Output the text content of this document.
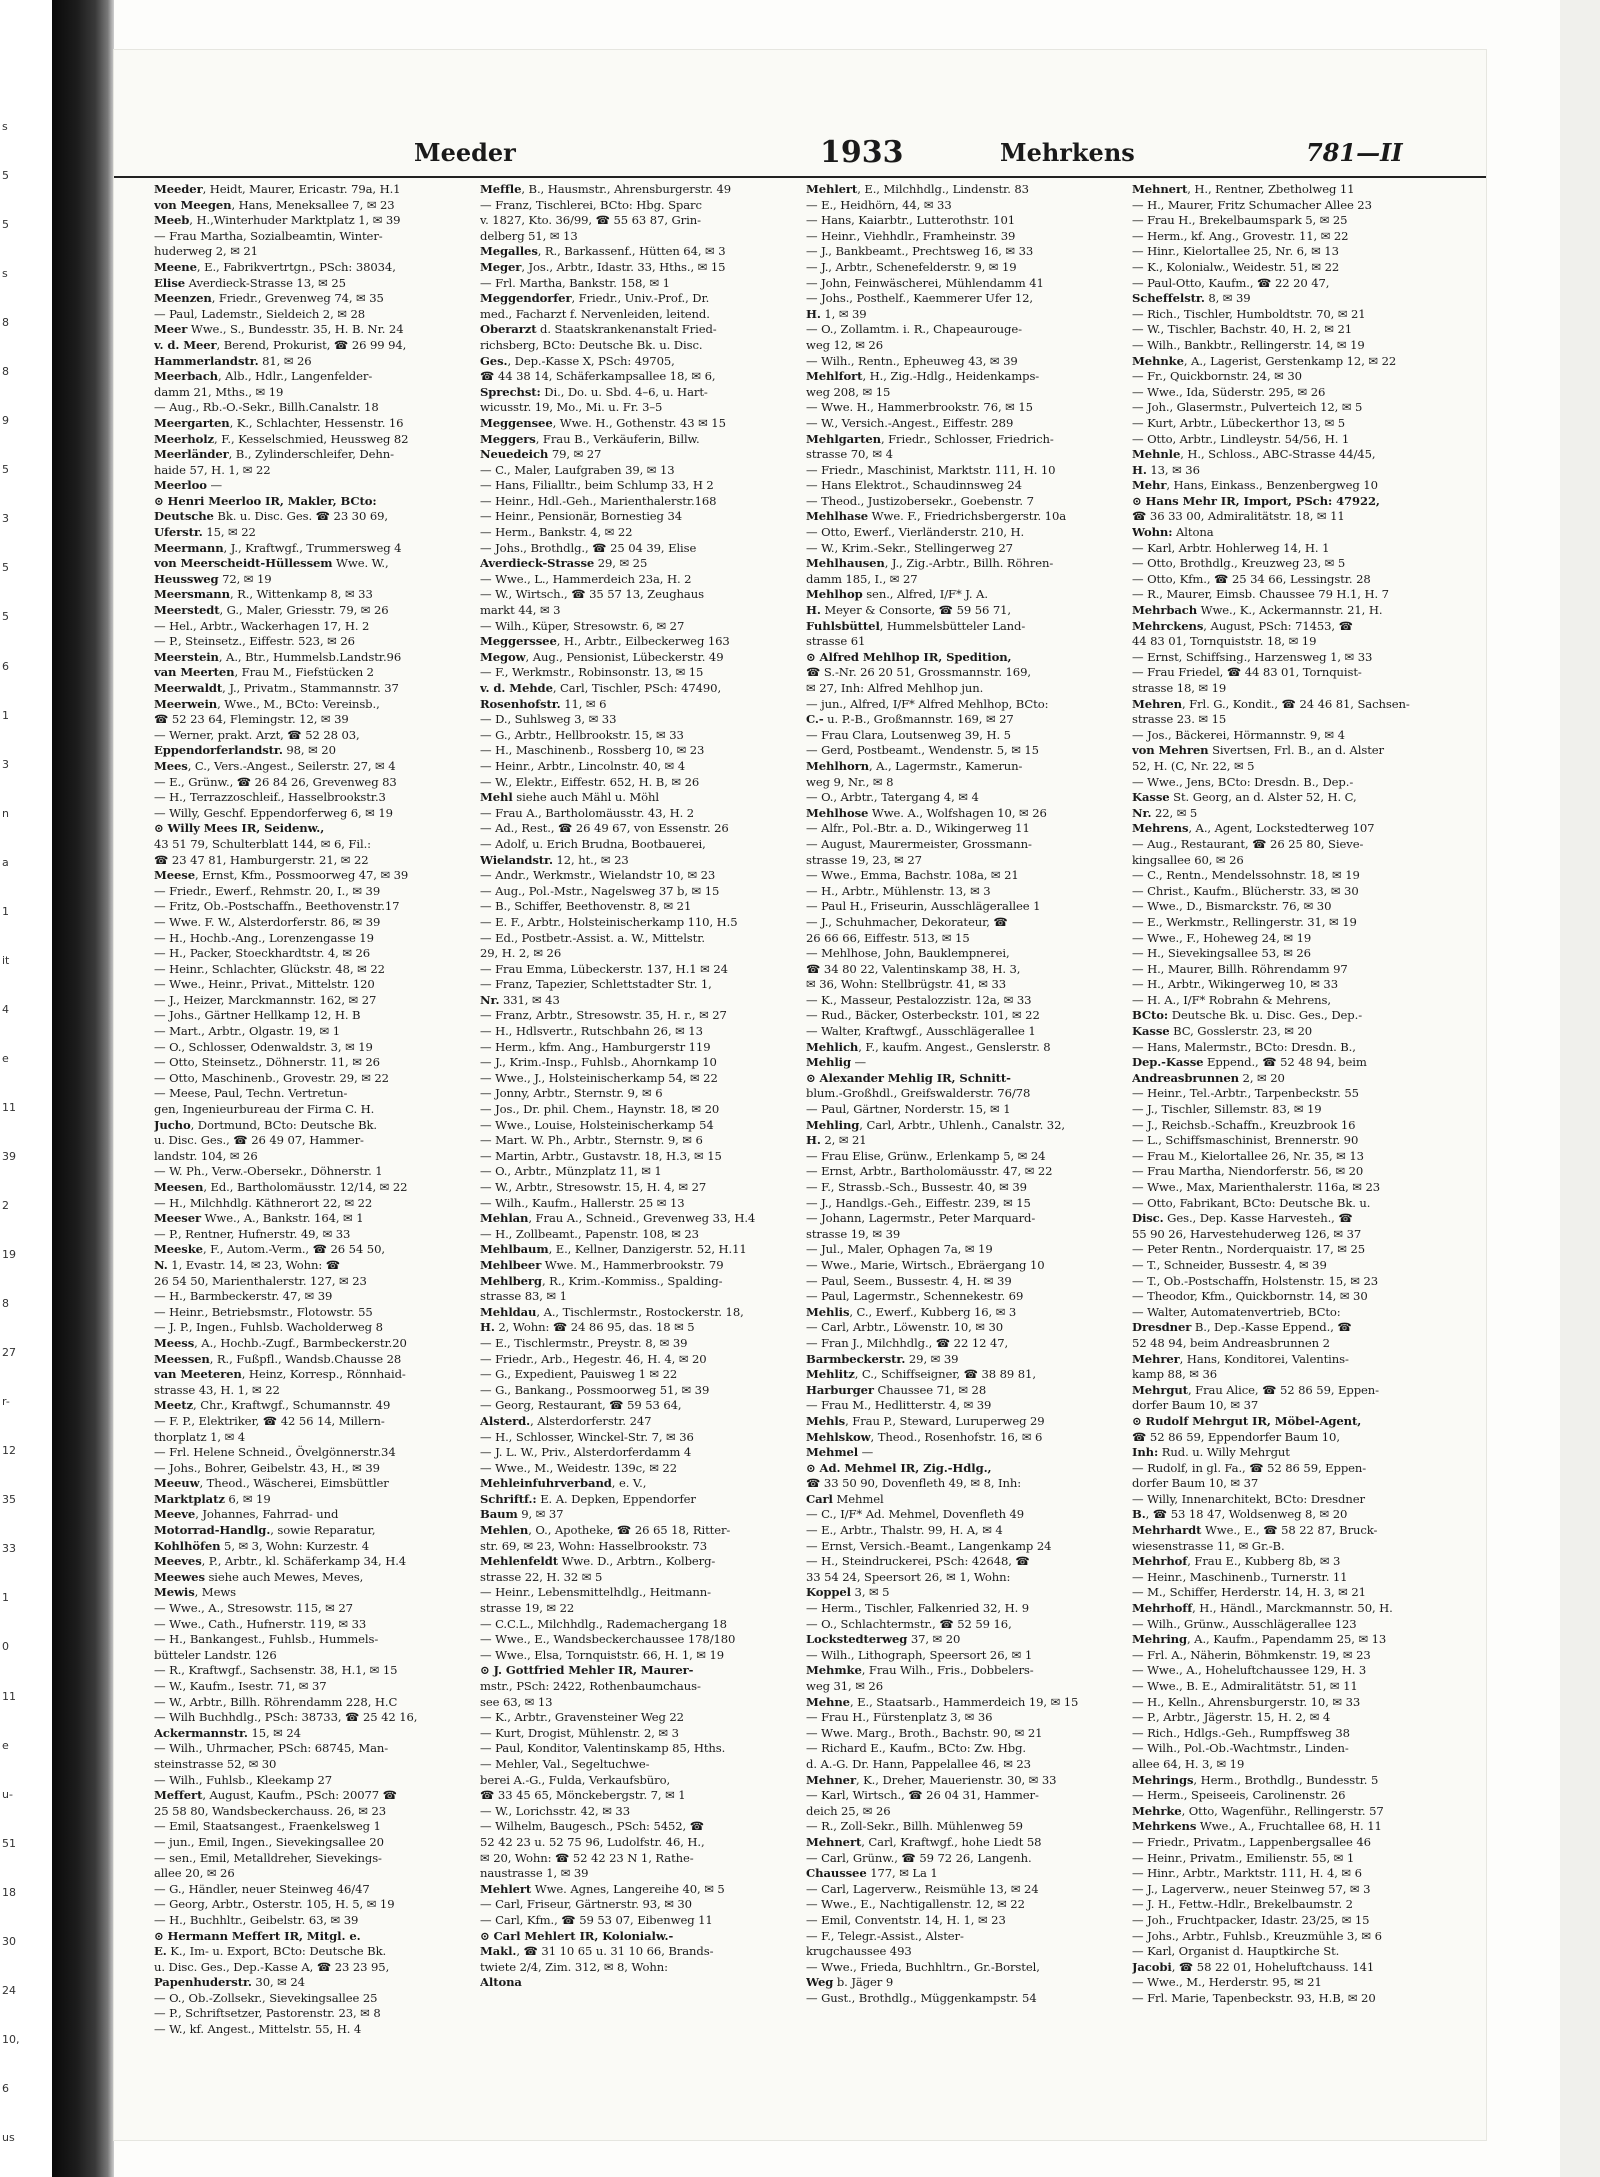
s
5
5
s
8
8
9
5
3
5
5
6
1
3
n
a
1
it
4
e
11
39
2
19
8
27
r-
12
35
33
1
0
11
e
u-
51
18
30
24
10,
6
us
Meeder	1933	Mehrkens	781—II
Meeder, Heidt, Maurer, Ericastr. 79a, H.1
von Meegen, Hans, Meneksallee 7, ✉ 23
Meeb, H.,Winterhuder Marktplatz 1, ✉ 39
— Frau Martha, Sozialbeamtin, Winter-
huderweg 2, ✉ 21
Meene, E., Fabrikvertrtgn., PSch: 38034,
Elise Averdieck-Strasse 13, ✉ 25
Meenzen, Friedr., Grevenweg 74, ✉ 35
— Paul, Lademstr., Sieldeich 2, ✉ 28
Meer Wwe., S., Bundesstr. 35, H. B. Nr. 24
v. d. Meer, Berend, Prokurist, ☎ 26 99 94,
Hammerlandstr. 81, ✉ 26
Meerbach, Alb., Hdlr., Langenfelder-
damm 21, Mths., ✉ 19
— Aug., Rb.-O.-Sekr., Billh.Canalstr. 18
Meergarten, K., Schlachter, Hessenstr. 16
Meerholz, F., Kesselschmied, Heussweg 82
Meerländer, B., Zylinderschleifer, Dehn-
haide 57, H. 1, ✉ 22
Meerloo —
⊙ Henri Meerloo IR, Makler, BCto:
Deutsche Bk. u. Disc. Ges. ☎ 23 30 69,
Uferstr. 15, ✉ 22
Meermann, J., Kraftwgf., Trummersweg 4
von Meerscheidt-Hüllessem Wwe. W.,
Heussweg 72, ✉ 19
Meersmann, R., Wittenkamp 8, ✉ 33
Meerstedt, G., Maler, Griesstr. 79, ✉ 26
— Hel., Arbtr., Wackerhagen 17, H. 2
— P., Steinsetz., Eiffestr. 523, ✉ 26
Meerstein, A., Btr., Hummelsb.Landstr.96
van Meerten, Frau M., Fiefstücken 2
Meerwaldt, J., Privatm., Stammannstr. 37
Meerwein, Wwe., M., BCto: Vereinsb.,
☎ 52 23 64, Flemingstr. 12, ✉ 39
— Werner, prakt. Arzt, ☎ 52 28 03,
Eppendorferlandstr. 98, ✉ 20
Mees, C., Vers.-Angest., Seilerstr. 27, ✉ 4
— E., Grünw., ☎ 26 84 26, Grevenweg 83
— H., Terrazzoschleif., Hasselbrookstr.3
— Willy, Geschf. Eppendorferweg 6, ✉ 19
⊙ Willy Mees IR, Seidenw.,
43 51 79, Schulterblatt 144, ✉ 6, Fil.:
☎ 23 47 81, Hamburgerstr. 21, ✉ 22
Meese, Ernst, Kfm., Possmoorweg 47, ✉ 39
— Friedr., Ewerf., Rehmstr. 20, I., ✉ 39
— Fritz, Ob.-Postschaffn., Beethovenstr.17
— Wwe. F. W., Alsterdorferstr. 86, ✉ 39
— H., Hochb.-Ang., Lorenzengasse 19
— H., Packer, Stoeckhardtstr. 4, ✉ 26
— Heinr., Schlachter, Glückstr. 48, ✉ 22
— Wwe., Heinr., Privat., Mittelstr. 120
— J., Heizer, Marckmannstr. 162, ✉ 27
— Johs., Gärtner Hellkamp 12, H. B
— Mart., Arbtr., Olgastr. 19, ✉ 1
— O., Schlosser, Odenwaldstr. 3, ✉ 19
— Otto, Steinsetz., Döhnerstr. 11, ✉ 26
— Otto, Maschinenb., Grovestr. 29, ✉ 22
— Meese, Paul, Techn. Vertretun-
gen, Ingenieurbureau der Firma C. H.
Jucho, Dortmund, BCto: Deutsche Bk.
u. Disc. Ges., ☎ 26 49 07, Hammer-
landstr. 104, ✉ 26
— W. Ph., Verw.-Obersekr., Döhnerstr. 1
Meesen, Ed., Bartholomäusstr. 12/14, ✉ 22
— H., Milchhdlg. Käthnerort 22, ✉ 22
Meeser Wwe., A., Bankstr. 164, ✉ 1
— P., Rentner, Hufnerstr. 49, ✉ 33
Meeske, F., Autom.-Verm., ☎ 26 54 50,
N. 1, Evastr. 14, ✉ 23, Wohn: ☎
26 54 50, Marienthalerstr. 127, ✉ 23
— H., Barmbeckerstr. 47, ✉ 39
— Heinr., Betriebsmstr., Flotowstr. 55
— J. P., Ingen., Fuhlsb. Wacholderweg 8
Meess, A., Hochb.-Zugf., Barmbeckerstr.20
Meessen, R., Fußpfl., Wandsb.Chausse 28
van Meeteren, Heinz, Korresp., Rönnhaid-
strasse 43, H. 1, ✉ 22
Meetz, Chr., Kraftwgf., Schumannstr. 49
— F. P., Elektriker, ☎ 42 56 14, Millern-
thorplatz 1, ✉ 4
— Frl. Helene Schneid., Övelgönnerstr.34
— Johs., Bohrer, Geibelstr. 43, H., ✉ 39
Meeuw, Theod., Wäscherei, Eimsbüttler
Marktplatz 6, ✉ 19
Meeve, Johannes, Fahrrad- und
Motorrad-Handlg., sowie Reparatur,
Kohlhöfen 5, ✉ 3, Wohn: Kurzestr. 4
Meeves, P., Arbtr., kl. Schäferkamp 34, H.4
Meewes siehe auch Mewes, Meves,
Mewis, Mews
— Wwe., A., Stresowstr. 115, ✉ 27
— Wwe., Cath., Hufnerstr. 119, ✉ 33
— H., Bankangest., Fuhlsb., Hummels-
bütteler Landstr. 126
— R., Kraftwgf., Sachsenstr. 38, H.1, ✉ 15
— W., Kaufm., Isestr. 71, ✉ 37
— W., Arbtr., Billh. Röhrendamm 228, H.C
— Wilh Buchhdlg., PSch: 38733, ☎ 25 42 16,
Ackermannstr. 15, ✉ 24
— Wilh., Uhrmacher, PSch: 68745, Man-
steinstrasse 52, ✉ 30
— Wilh., Fuhlsb., Kleekamp 27
Meffert, August, Kaufm., PSch: 20077 ☎
25 58 80, Wandsbeckerchauss. 26, ✉ 23
— Emil, Staatsangest., Fraenkelsweg 1
— jun., Emil, Ingen., Sievekingsallee 20
— sen., Emil, Metalldreher, Sievekings-
allee 20, ✉ 26
— G., Händler, neuer Steinweg 46/47
— Georg, Arbtr., Osterstr. 105, H. 5, ✉ 19
— H., Buchhltr., Geibelstr. 63, ✉ 39
⊙ Hermann Meffert IR, Mitgl. e.
E. K., Im- u. Export, BCto: Deutsche Bk.
u. Disc. Ges., Dep.-Kasse A, ☎ 23 23 95,
Papenhuderstr. 30, ✉ 24
— O., Ob.-Zollsekr., Sievekingsallee 25
— P., Schriftsetzer, Pastorenstr. 23, ✉ 8
— W., kf. Angest., Mittelstr. 55, H. 4
Meffle, B., Hausmstr., Ahrensburgerstr. 49
— Franz, Tischlerei, BCto: Hbg. Sparc
v. 1827, Kto. 36/99, ☎ 55 63 87, Grin-
delberg 51, ✉ 13
Megalles, R., Barkassenf., Hütten 64, ✉ 3
Meger, Jos., Arbtr., Idastr. 33, Hths., ✉ 15
— Frl. Martha, Bankstr. 158, ✉ 1
Meggendorfer, Friedr., Univ.-Prof., Dr.
med., Facharzt f. Nervenleiden, leitend.
Oberarzt d. Staatskrankenanstalt Fried-
richsberg, BCto: Deutsche Bk. u. Disc.
Ges., Dep.-Kasse X, PSch: 49705,
☎ 44 38 14, Schäferkampsallee 18, ✉ 6,
Sprechst: Di., Do. u. Sbd. 4–6, u. Hart-
wicusstr. 19, Mo., Mi. u. Fr. 3–5
Meggensee, Wwe. H., Gothenstr. 43 ✉ 15
Meggers, Frau B., Verkäuferin, Billw.
Neuedeich 79, ✉ 27
— C., Maler, Laufgraben 39, ✉ 13
— Hans, Filialltr., beim Schlump 33, H 2
— Heinr., Hdl.-Geh., Marienthalerstr.168
— Heinr., Pensionär, Bornestieg 34
— Herm., Bankstr. 4, ✉ 22
— Johs., Brothdlg., ☎ 25 04 39, Elise
Averdieck-Strasse 29, ✉ 25
— Wwe., L., Hammerdeich 23a, H. 2
— W., Wirtsch., ☎ 35 57 13, Zeughaus
markt 44, ✉ 3
— Wilh., Küper, Stresowstr. 6, ✉ 27
Meggerssee, H., Arbtr., Eilbeckerweg 163
Megow, Aug., Pensionist, Lübeckerstr. 49
— F., Werkmstr., Robinsonstr. 13, ✉ 15
v. d. Mehde, Carl, Tischler, PSch: 47490,
Rosenhofstr. 11, ✉ 6
— D., Suhlsweg 3, ✉ 33
— G., Arbtr., Hellbrookstr. 15, ✉ 33
— H., Maschinenb., Rossberg 10, ✉ 23
— Heinr., Arbtr., Lincolnstr. 40, ✉ 4
— W., Elektr., Eiffestr. 652, H. B, ✉ 26
Mehl siehe auch Mähl u. Möhl
— Frau A., Bartholomäusstr. 43, H. 2
— Ad., Rest., ☎ 26 49 67, von Essenstr. 26
— Adolf, u. Erich Brudna, Bootbauerei,
Wielandstr. 12, ht., ✉ 23
— Andr., Werkmstr., Wielandstr 10, ✉ 23
— Aug., Pol.-Mstr., Nagelsweg 37 b, ✉ 15
— B., Schiffer, Beethovenstr. 8, ✉ 21
— E. F., Arbtr., Holsteinischerkamp 110, H.5
— Ed., Postbetr.-Assist. a. W., Mittelstr.
29, H. 2, ✉ 26
— Frau Emma, Lübeckerstr. 137, H.1 ✉ 24
— Franz, Tapezier, Schlettstadter Str. 1,
Nr. 331, ✉ 43
— Franz, Arbtr., Stresowstr. 35, H. r., ✉ 27
— H., Hdlsvertr., Rutschbahn 26, ✉ 13
— Herm., kfm. Ang., Hamburgerstr 119
— J., Krim.-Insp., Fuhlsb., Ahornkamp 10
— Wwe., J., Holsteinischerkamp 54, ✉ 22
— Jonny, Arbtr., Sternstr. 9, ✉ 6
— Jos., Dr. phil. Chem., Haynstr. 18, ✉ 20
— Wwe., Louise, Holsteinischerkamp 54
— Mart. W. Ph., Arbtr., Sternstr. 9, ✉ 6
— Martin, Arbtr., Gustavstr. 18, H.3, ✉ 15
— O., Arbtr., Münzplatz 11, ✉ 1
— W., Arbtr., Stresowstr. 15, H. 4, ✉ 27
— Wilh., Kaufm., Hallerstr. 25 ✉ 13
Mehlan, Frau A., Schneid., Grevenweg 33, H.4
— H., Zollbeamt., Papenstr. 108, ✉ 23
Mehlbaum, E., Kellner, Danzigerstr. 52, H.11
Mehlbeer Wwe. M., Hammerbrookstr. 79
Mehlberg, R., Krim.-Kommiss., Spalding-
strasse 83, ✉ 1
Mehldau, A., Tischlermstr., Rostockerstr. 18,
H. 2, Wohn: ☎ 24 86 95, das. 18 ✉ 5
— E., Tischlermstr., Preystr. 8, ✉ 39
— Friedr., Arb., Hegestr. 46, H. 4, ✉ 20
— G., Expedient, Pauisweg 1 ✉ 22
— G., Bankang., Possmoorweg 51, ✉ 39
— Georg, Restaurant, ☎ 59 53 64,
Alsterd., Alsterdorferstr. 247
— H., Schlosser, Winckel-Str. 7, ✉ 36
— J. L. W., Priv., Alsterdorferdamm 4
— Wwe., M., Weidestr. 139c, ✉ 22
Mehleinfuhrverband, e. V.,
Schriftf.: E. A. Depken, Eppendorfer
Baum 9, ✉ 37
Mehlen, O., Apotheke, ☎ 26 65 18, Ritter-
str. 69, ✉ 23, Wohn: Hasselbrookstr. 73
Mehlenfeldt Wwe. D., Arbtrn., Kolberg-
strasse 22, H. 32 ✉ 5
— Heinr., Lebensmittelhdlg., Heitmann-
strasse 19, ✉ 22
— C.C.L., Milchhdlg., Rademachergang 18
— Wwe., E., Wandsbeckerchaussee 178/180
— Wwe., Elsa, Tornquiststr. 66, H. 1, ✉ 19
⊙ J. Gottfried Mehler IR, Maurer-
mstr., PSch: 2422, Rothenbaumchaus-
see 63, ✉ 13
— K., Arbtr., Gravensteiner Weg 22
— Kurt, Drogist, Mühlenstr. 2, ✉ 3
— Paul, Konditor, Valentinskamp 85, Hths.
— Mehler, Val., Segeltuchwe-
berei A.-G., Fulda, Verkaufsbüro,
☎ 33 45 65, Mönckebergstr. 7, ✉ 1
— W., Lorichsstr. 42, ✉ 33
— Wilhelm, Baugesch., PSch: 5452, ☎
52 42 23 u. 52 75 96, Ludolfstr. 46, H.,
✉ 20, Wohn: ☎ 52 42 23 N 1, Rathe-
naustrasse 1, ✉ 39
Mehlert Wwe. Agnes, Langereihe 40, ✉ 5
— Carl, Friseur, Gärtnerstr. 93, ✉ 30
— Carl, Kfm., ☎ 59 53 07, Eibenweg 11
⊙ Carl Mehlert IR, Kolonialw.-
Makl., ☎ 31 10 65 u. 31 10 66, Brands-
twiete 2/4, Zim. 312, ✉ 8, Wohn:
Altona
Mehlert, E., Milchhdlg., Lindenstr. 83
— E., Heidhörn, 44, ✉ 33
— Hans, Kaiarbtr., Lutterothstr. 101
— Heinr., Viehhdlr., Framheinstr. 39
— J., Bankbeamt., Prechtsweg 16, ✉ 33
— J., Arbtr., Schenefelderstr. 9, ✉ 19
— John, Feinwäscherei, Mühlendamm 41
— Johs., Posthelf., Kaemmerer Ufer 12,
H. 1, ✉ 39
— O., Zollamtm. i. R., Chapeaurouge-
weg 12, ✉ 26
— Wilh., Rentn., Epheuweg 43, ✉ 39
Mehlfort, H., Zig.-Hdlg., Heidenkamps-
weg 208, ✉ 15
— Wwe. H., Hammerbrookstr. 76, ✉ 15
— W., Versich.-Angest., Eiffestr. 289
Mehlgarten, Friedr., Schlosser, Friedrich-
strasse 70, ✉ 4
— Friedr., Maschinist, Marktstr. 111, H. 10
— Hans Elektrot., Schaudinnsweg 24
— Theod., Justizobersekr., Goebenstr. 7
Mehlhase Wwe. F., Friedrichsbergerstr. 10a
— Otto, Ewerf., Vierländerstr. 210, H.
— W., Krim.-Sekr., Stellingerweg 27
Mehlhausen, J., Zig.-Arbtr., Billh. Röhren-
damm 185, I., ✉ 27
Mehlhop sen., Alfred, I/F* J. A.
H. Meyer & Consorte, ☎ 59 56 71,
Fuhlsbüttel, Hummelsbütteler Land-
strasse 61
⊙ Alfred Mehlhop IR, Spedition,
☎ S.-Nr. 26 20 51, Grossmannstr. 169,
✉ 27, Inh: Alfred Mehlhop jun.
— jun., Alfred, I/F* Alfred Mehlhop, BCto:
C.- u. P.-B., Großmannstr. 169, ✉ 27
— Frau Clara, Loutsenweg 39, H. 5
— Gerd, Postbeamt., Wendenstr. 5, ✉ 15
Mehlhorn, A., Lagermstr., Kamerun-
weg 9, Nr., ✉ 8
— O., Arbtr., Tatergang 4, ✉ 4
Mehlhose Wwe. A., Wolfshagen 10, ✉ 26
— Alfr., Pol.-Btr. a. D., Wikingerweg 11
— August, Maurermeister, Grossmann-
strasse 19, 23, ✉ 27
— Wwe., Emma, Bachstr. 108a, ✉ 21
— H., Arbtr., Mühlenstr. 13, ✉ 3
— Paul H., Friseurin, Ausschlägerallee 1
— J., Schuhmacher, Dekorateur, ☎
26 66 66, Eiffestr. 513, ✉ 15
— Mehlhose, John, Bauklempnerei,
☎ 34 80 22, Valentinskamp 38, H. 3,
✉ 36, Wohn: Stellbrügstr. 41, ✉ 33
— K., Masseur, Pestalozzistr. 12a, ✉ 33
— Rud., Bäcker, Osterbeckstr. 101, ✉ 22
— Walter, Kraftwgf., Ausschlägerallee 1
Mehlich, F., kaufm. Angest., Genslerstr. 8
Mehlig —
⊙ Alexander Mehlig IR, Schnitt-
blum.-Großhdl., Greifswalderstr. 76/78
— Paul, Gärtner, Norderstr. 15, ✉ 1
Mehling, Carl, Arbtr., Uhlenh., Canalstr. 32,
H. 2, ✉ 21
— Frau Elise, Grünw., Erlenkamp 5, ✉ 24
— Ernst, Arbtr., Bartholomäusstr. 47, ✉ 22
— F., Strassb.-Sch., Bussestr. 40, ✉ 39
— J., Handlgs.-Geh., Eiffestr. 239, ✉ 15
— Johann, Lagermstr., Peter Marquard-
strasse 19, ✉ 39
— Jul., Maler, Ophagen 7a, ✉ 19
— Wwe., Marie, Wirtsch., Ebräergang 10
— Paul, Seem., Bussestr. 4, H. ✉ 39
— Paul, Lagermstr., Schennekestr. 69
Mehlis, C., Ewerf., Kubberg 16, ✉ 3
— Carl, Arbtr., Löwenstr. 10, ✉ 30
— Fran J., Milchhdlg., ☎ 22 12 47,
Barmbeckerstr. 29, ✉ 39
Mehlitz, C., Schiffseigner, ☎ 38 89 81,
Harburger Chaussee 71, ✉ 28
— Frau M., Hedlitterstr. 4, ✉ 39
Mehls, Frau P., Steward, Luruperweg 29
Mehlskow, Theod., Rosenhofstr. 16, ✉ 6
Mehmel —
⊙ Ad. Mehmel IR, Zig.-Hdlg.,
☎ 33 50 90, Dovenfleth 49, ✉ 8, Inh:
Carl Mehmel
— C., I/F* Ad. Mehmel, Dovenfleth 49
— E., Arbtr., Thalstr. 99, H. A, ✉ 4
— Ernst, Versich.-Beamt., Langenkamp 24
— H., Steindruckerei, PSch: 42648, ☎
33 54 24, Speersort 26, ✉ 1, Wohn:
Koppel 3, ✉ 5
— Herm., Tischler, Falkenried 32, H. 9
— O., Schlachtermstr., ☎ 52 59 16,
Lockstedterweg 37, ✉ 20
— Wilh., Lithograph, Speersort 26, ✉ 1
Mehmke, Frau Wilh., Fris., Dobbelers-
weg 31, ✉ 26
Mehne, E., Staatsarb., Hammerdeich 19, ✉ 15
— Frau H., Fürstenplatz 3, ✉ 36
— Wwe. Marg., Broth., Bachstr. 90, ✉ 21
— Richard E., Kaufm., BCto: Zw. Hbg.
d. A.-G. Dr. Hann, Pappelallee 46, ✉ 23
Mehner, K., Dreher, Mauerienstr. 30, ✉ 33
— Karl, Wirtsch., ☎ 26 04 31, Hammer-
deich 25, ✉ 26
— R., Zoll-Sekr., Billh. Mühlenweg 59
Mehnert, Carl, Kraftwgf., hohe Liedt 58
— Carl, Grünw., ☎ 59 72 26, Langenh.
Chaussee 177, ✉ La 1
— Carl, Lagerverw., Reismühle 13, ✉ 24
— Wwe., E., Nachtigallenstr. 12, ✉ 22
— Emil, Conventstr. 14, H. 1, ✉ 23
— F., Telegr.-Assist., Alster-
krugchaussee 493
— Wwe., Frieda, Buchhltrn., Gr.-Borstel,
Weg b. Jäger 9
— Gust., Brothdlg., Müggenkampstr. 54
Mehnert, H., Rentner, Zbetholweg 11
— H., Maurer, Fritz Schumacher Allee 23
— Frau H., Brekelbaumspark 5, ✉ 25
— Herm., kf. Ang., Grovestr. 11, ✉ 22
— Hinr., Kielortallee 25, Nr. 6, ✉ 13
— K., Kolonialw., Weidestr. 51, ✉ 22
— Paul-Otto, Kaufm., ☎ 22 20 47,
Scheffelstr. 8, ✉ 39
— Rich., Tischler, Humboldtstr. 70, ✉ 21
— W., Tischler, Bachstr. 40, H. 2, ✉ 21
— Wilh., Bankbtr., Rellingerstr. 14, ✉ 19
Mehnke, A., Lagerist, Gerstenkamp 12, ✉ 22
— Fr., Quickbornstr. 24, ✉ 30
— Wwe., Ida, Süderstr. 295, ✉ 26
— Joh., Glasermstr., Pulverteich 12, ✉ 5
— Kurt, Arbtr., Lübeckerthor 13, ✉ 5
— Otto, Arbtr., Lindleystr. 54/56, H. 1
Mehnle, H., Schloss., ABC-Strasse 44/45,
H. 13, ✉ 36
Mehr, Hans, Einkass., Benzenbergweg 10
⊙ Hans Mehr IR, Import, PSch: 47922,
☎ 36 33 00, Admiralitätstr. 18, ✉ 11
Wohn: Altona
— Karl, Arbtr. Hohlerweg 14, H. 1
— Otto, Brothdlg., Kreuzweg 23, ✉ 5
— Otto, Kfm., ☎ 25 34 66, Lessingstr. 28
— R., Maurer, Eimsb. Chaussee 79 H.1, H. 7
Mehrbach Wwe., K., Ackermannstr. 21, H.
Mehrckens, August, PSch: 71453, ☎
44 83 01, Tornquiststr. 18, ✉ 19
— Ernst, Schiffsing., Harzensweg 1, ✉ 33
— Frau Friedel, ☎ 44 83 01, Tornquist-
strasse 18, ✉ 19
Mehren, Frl. G., Kondit., ☎ 24 46 81, Sachsen-
strasse 23. ✉ 15
— Jos., Bäckerei, Hörmannstr. 9, ✉ 4
von Mehren Sivertsen, Frl. B., an d. Alster
52, H. (C, Nr. 22, ✉ 5
— Wwe., Jens, BCto: Dresdn. B., Dep.-
Kasse St. Georg, an d. Alster 52, H. C,
Nr. 22, ✉ 5
Mehrens, A., Agent, Lockstedterweg 107
— Aug., Restaurant, ☎ 26 25 80, Sieve-
kingsallee 60, ✉ 26
— C., Rentn., Mendelssohnstr. 18, ✉ 19
— Christ., Kaufm., Blücherstr. 33, ✉ 30
— Wwe., D., Bismarckstr. 76, ✉ 30
— E., Werkmstr., Rellingerstr. 31, ✉ 19
— Wwe., F., Hoheweg 24, ✉ 19
— H., Sievekingsallee 53, ✉ 26
— H., Maurer, Billh. Röhrendamm 97
— H., Arbtr., Wikingerweg 10, ✉ 33
— H. A., I/F* Robrahn & Mehrens,
BCto: Deutsche Bk. u. Disc. Ges., Dep.-
Kasse BC, Gosslerstr. 23, ✉ 20
— Hans, Malermstr., BCto: Dresdn. B.,
Dep.-Kasse Eppend., ☎ 52 48 94, beim
Andreasbrunnen 2, ✉ 20
— Heinr., Tel.-Arbtr., Tarpenbeckstr. 55
— J., Tischler, Sillemstr. 83, ✉ 19
— J., Reichsb.-Schaffn., Kreuzbrook 16
— L., Schiffsmaschinist, Brennerstr. 90
— Frau M., Kielortallee 26, Nr. 35, ✉ 13
— Frau Martha, Niendorferstr. 56, ✉ 20
— Wwe., Max, Marienthalerstr. 116a, ✉ 23
— Otto, Fabrikant, BCto: Deutsche Bk. u.
Disc. Ges., Dep. Kasse Harvesteh., ☎
55 90 26, Harvestehuderweg 126, ✉ 37
— Peter Rentn., Norderquaistr. 17, ✉ 25
— T., Schneider, Bussestr. 4, ✉ 39
— T., Ob.-Postschaffn, Holstenstr. 15, ✉ 23
— Theodor, Kfm., Quickbornstr. 14, ✉ 30
— Walter, Automatenvertrieb, BCto:
Dresdner B., Dep.-Kasse Eppend., ☎
52 48 94, beim Andreasbrunnen 2
Mehrer, Hans, Konditorei, Valentins-
kamp 88, ✉ 36
Mehrgut, Frau Alice, ☎ 52 86 59, Eppen-
dorfer Baum 10, ✉ 37
⊙ Rudolf Mehrgut IR, Möbel-Agent,
☎ 52 86 59, Eppendorfer Baum 10,
Inh: Rud. u. Willy Mehrgut
— Rudolf, in gl. Fa., ☎ 52 86 59, Eppen-
dorfer Baum 10, ✉ 37
— Willy, Innenarchitekt, BCto: Dresdner
B., ☎ 53 18 47, Woldsenweg 8, ✉ 20
Mehrhardt Wwe., E., ☎ 58 22 87, Bruck-
wiesenstrasse 11, ✉ Gr.-B.
Mehrhof, Frau E., Kubberg 8b, ✉ 3
— Heinr., Maschinenb., Turnerstr. 11
— M., Schiffer, Herderstr. 14, H. 3, ✉ 21
Mehrhoff, H., Händl., Marckmannstr. 50, H.
— Wilh., Grünw., Ausschlägerallee 123
Mehring, A., Kaufm., Papendamm 25, ✉ 13
— Frl. A., Näherin, Böhmkenstr. 19, ✉ 23
— Wwe., A., Hoheluftchaussee 129, H. 3
— Wwe., B. E., Admiralitätstr. 51, ✉ 11
— H., Kelln., Ahrensburgerstr. 10, ✉ 33
— P., Arbtr., Jägerstr. 15, H. 2, ✉ 4
— Rich., Hdlgs.-Geh., Rumpffsweg 38
— Wilh., Pol.-Ob.-Wachtmstr., Linden-
allee 64, H. 3, ✉ 19
Mehrings, Herm., Brothdlg., Bundesstr. 5
— Herm., Speiseeis, Carolinenstr. 26
Mehrke, Otto, Wagenführ., Rellingerstr. 57
Mehrkens Wwe., A., Fruchtallee 68, H. 11
— Friedr., Privatm., Lappenbergsallee 46
— Heinr., Privatm., Emilienstr. 55, ✉ 1
— Hinr., Arbtr., Marktstr. 111, H. 4, ✉ 6
— J., Lagerverw., neuer Steinweg 57, ✉ 3
— J. H., Fettw.-Hdlr., Brekelbaumstr. 2
— Joh., Fruchtpacker, Idastr. 23/25, ✉ 15
— Johs., Arbtr., Fuhlsb., Kreuzmühle 3, ✉ 6
— Karl, Organist d. Hauptkirche St.
Jacobi, ☎ 58 22 01, Hoheluftchauss. 141
— Wwe., M., Herderstr. 95, ✉ 21
— Frl. Marie, Tapenbeckstr. 93, H.B, ✉ 20
